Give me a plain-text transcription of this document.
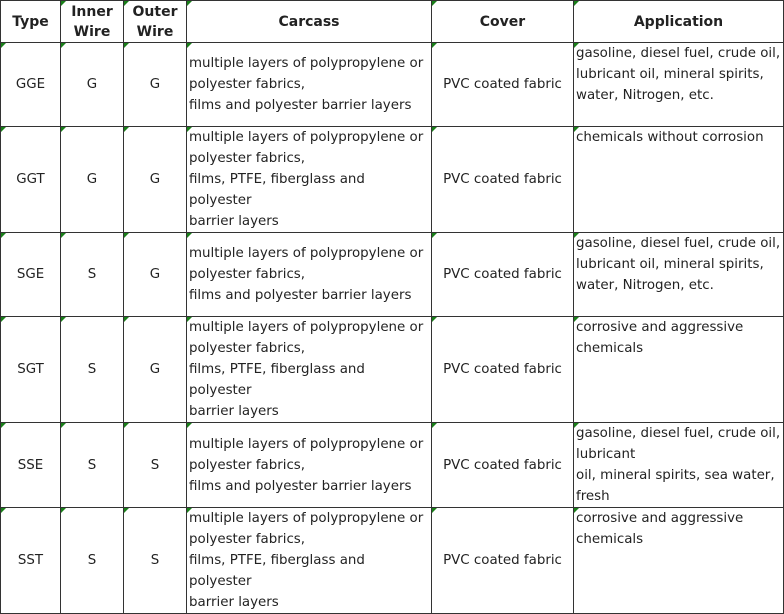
Type	Inner Wire	Outer Wire	Carcass	Cover	Application

GGE	G	G	multiple layers of polypropylene or
polyester fabrics,
films and polyester barrier layers	PVC coated fabric	gasoline, diesel fuel, crude oil,
lubricant oil, mineral spirits,
water, Nitrogen, etc.

GGT	G	G	multiple layers of polypropylene or
polyester fabrics,
films, PTFE, fiberglass and polyester
barrier layers	PVC coated fabric	chemicals without corrosion

SGE	S	G	multiple layers of polypropylene or
polyester fabrics,
films and polyester barrier layers	PVC coated fabric	gasoline, diesel fuel, crude oil,
lubricant oil, mineral spirits,
water, Nitrogen, etc.

SGT	S	G	multiple layers of polypropylene or
polyester fabrics,
films, PTFE, fiberglass and polyester
barrier layers	PVC coated fabric	corrosive and aggressive
chemicals

SSE	S	S	multiple layers of polypropylene or
polyester fabrics,
films and polyester barrier layers	PVC coated fabric	gasoline, diesel fuel, crude oil,
lubricant
oil, mineral spirits, sea water,
fresh

SST	S	S	multiple layers of polypropylene or
polyester fabrics,
films, PTFE, fiberglass and polyester
barrier layers	PVC coated fabric	corrosive and aggressive
chemicals
